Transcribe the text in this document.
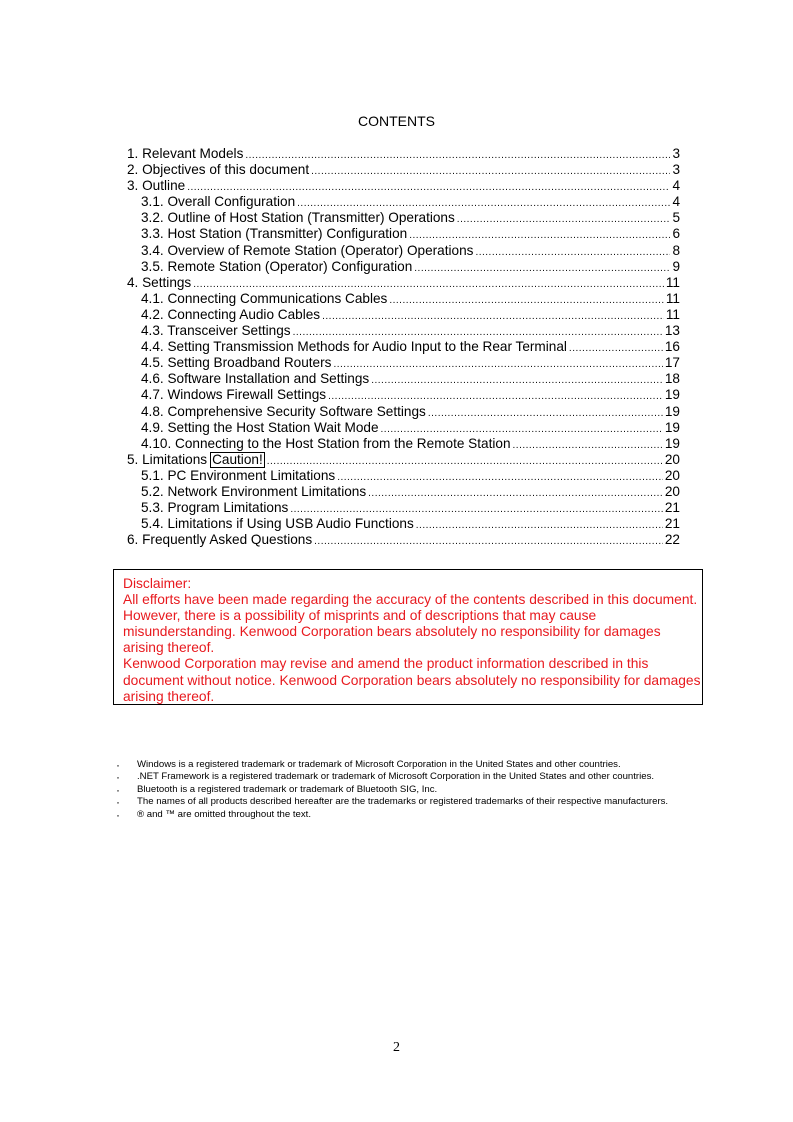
CONTENTS
1. Relevant Models .....	3
2. Objectives of this document .....	3
3. Outline .....	4
3.1. Overall Configuration .....	4
3.2. Outline of Host Station (Transmitter) Operations .....	5
3.3. Host Station (Transmitter) Configuration .....	6
3.4. Overview of Remote Station (Operator) Operations .....	8
3.5. Remote Station (Operator) Configuration .....	9
4. Settings .....	11
4.1. Connecting Communications Cables .....	11
4.2. Connecting Audio Cables .....	11
4.3. Transceiver Settings .....	13
4.4. Setting Transmission Methods for Audio Input to the Rear Terminal .....	16
4.5. Setting Broadband Routers .....	17
4.6. Software Installation and Settings .....	18
4.7. Windows Firewall Settings .....	19
4.8. Comprehensive Security Software Settings .....	19
4.9. Setting the Host Station Wait Mode .....	19
4.10. Connecting to the Host Station from the Remote Station .....	19
5. Limitations Caution! .....	20
5.1. PC Environment Limitations .....	20
5.2. Network Environment Limitations .....	20
5.3. Program Limitations .....	21
5.4. Limitations if Using USB Audio Functions .....	21
6. Frequently Asked Questions .....	22

Disclaimer:

All efforts have been made regarding the accuracy of the contents described in this document. However, there is a possibility of misprints and of descriptions that may cause misunderstanding. Kenwood Corporation bears absolutely no responsibility for damages arising thereof.

Kenwood Corporation may revise and amend the product information described in this document without notice. Kenwood Corporation bears absolutely no responsibility for damages arising thereof.

· Windows is a registered trademark or trademark of Microsoft Corporation in the United States and other countries.
· .NET Framework is a registered trademark or trademark of Microsoft Corporation in the United States and other countries.
· Bluetooth is a registered trademark or trademark of Bluetooth SIG, Inc.
· The names of all products described hereafter are the trademarks or registered trademarks of their respective manufacturers.
· ® and ™ are omitted throughout the text.
2
